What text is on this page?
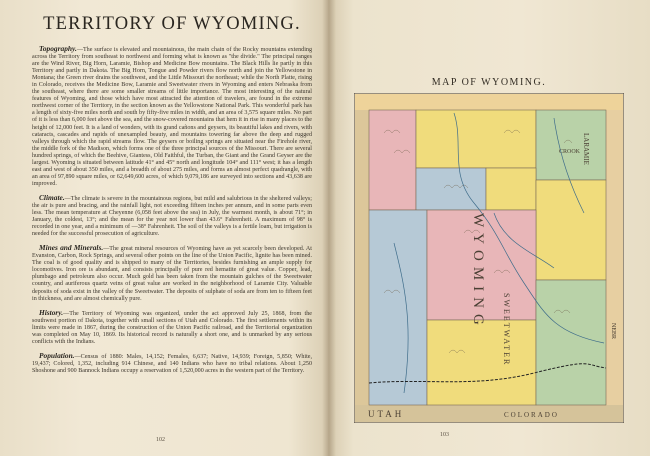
TERRITORY OF WYOMING.

Topography.—The surface is elevated and mountainous, the main chain of the Rocky mountains extending across the Territory from southeast to northwest and forming what is known as "the divide." The principal ranges are the Wind River, Big Horn, Laramie, Bishop and Medicine Bow mountains. The Black Hills lie partly in this Territory and partly in Dakota. The Big Horn, Tongue and Powder rivers flow north and join the Yellowstone in Montana; the Green river drains the southwest, and the Little Missouri the northeast; while the North Platte, rising in Colorado, receives the Medicine Bow, Laramie and Sweetwater rivers in Wyoming and enters Nebraska from the southeast, where there are some smaller streams of little importance. The most interesting of the natural features of Wyoming, and those which have most attracted the attention of travelers, are found in the extreme northwest corner of the Territory, in the section known as the Yellowstone National Park. This wonderful park has a length of sixty-five miles north and south by fifty-five miles in width, and an area of 3,575 square miles. No part of it is less than 6,000 feet above the sea, and the snow-covered mountains that hem it in rise in many places to the height of 12,000 feet. It is a land of wonders, with its grand cañons and geysers, its beautiful lakes and rivers, with cataracts, cascades and rapids of unexampled beauty, and mountains towering far above the deep and rugged valleys through which the rapid streams flow. The geysers or boiling springs are situated near the Firehole river, the middle fork of the Madison, which forms one of the three principal sources of the Missouri. There are several hundred springs, of which the Beehive, Giantess, Old Faithful, the Turban, the Giant and the Grand Geyser are the largest. Wyoming is situated between latitude 41° and 45° north and longitude 104° and 111° west; it has a length east and west of about 350 miles, and a breadth of about 275 miles, and forms an almost perfect quadrangle, with an area of 97,890 square miles, or 62,649,600 acres, of which 9,079,186 are surveyed into sections and 43,638 are improved.

Climate.—The climate is severe in the mountainous regions, but mild and salubrious in the sheltered valleys; the air is pure and bracing, and the rainfall light, not exceeding fifteen inches per annum, and in some parts even less. The mean temperature at Cheyenne (6,058 feet above the sea) in July, the warmest month, is about 71°; in January, the coldest, 13°; and the mean for the year not lower than 43.6° Fahrenheit. A maximum of 98° is recorded in one year, and a minimum of —38° Fahrenheit. The soil of the valleys is a fertile loam, but irrigation is needed for the successful prosecution of agriculture.

Mines and Minerals.—The great mineral resources of Wyoming have as yet scarcely been developed. At Evanston, Carbon, Rock Springs, and several other points on the line of the Union Pacific, lignite has been mined. The coal is of good quality and is shipped to many of the Territories, besides furnishing an ample supply for locomotives. Iron ore is abundant, and consists principally of pure red hematite of great value. Copper, lead, plumbago and petroleum also occur. Much gold has been taken from the mountain gulches of the Sweetwater country, and auriferous quartz veins of great value are worked in the neighborhood of Laramie City. Valuable deposits of soda exist in the valley of the Sweetwater. The deposits of sulphate of soda are from ten to fifteen feet in thickness, and are almost chemically pure.

History.—The Territory of Wyoming was organized, under the act approved July 25, 1868, from the southwest portion of Dakota, together with small sections of Utah and Colorado. The first settlements within its limits were made in 1867, during the construction of the Union Pacific railroad, and the Territorial organization was completed on May 10, 1869. Its historical record is naturally a short one, and is unmarked by any serious conflicts with the Indians.

Population.—Census of 1880: Males, 14,152; Females, 6,637; Native, 14,939; Foreign, 5,850; White, 19,437; Colored, 1,352, including 914 Chinese, and 140 Indians who have no tribal relations. About 1,250 Shoshone and 900 Bannock Indians occupy a reservation of 1,520,000 acres in the western part of the Territory.

102
MAP OF WYOMING.
WYOMING
LARAMIE
SWEETWATER
CROOK
UTAH	COLORADO
NEBR
103
